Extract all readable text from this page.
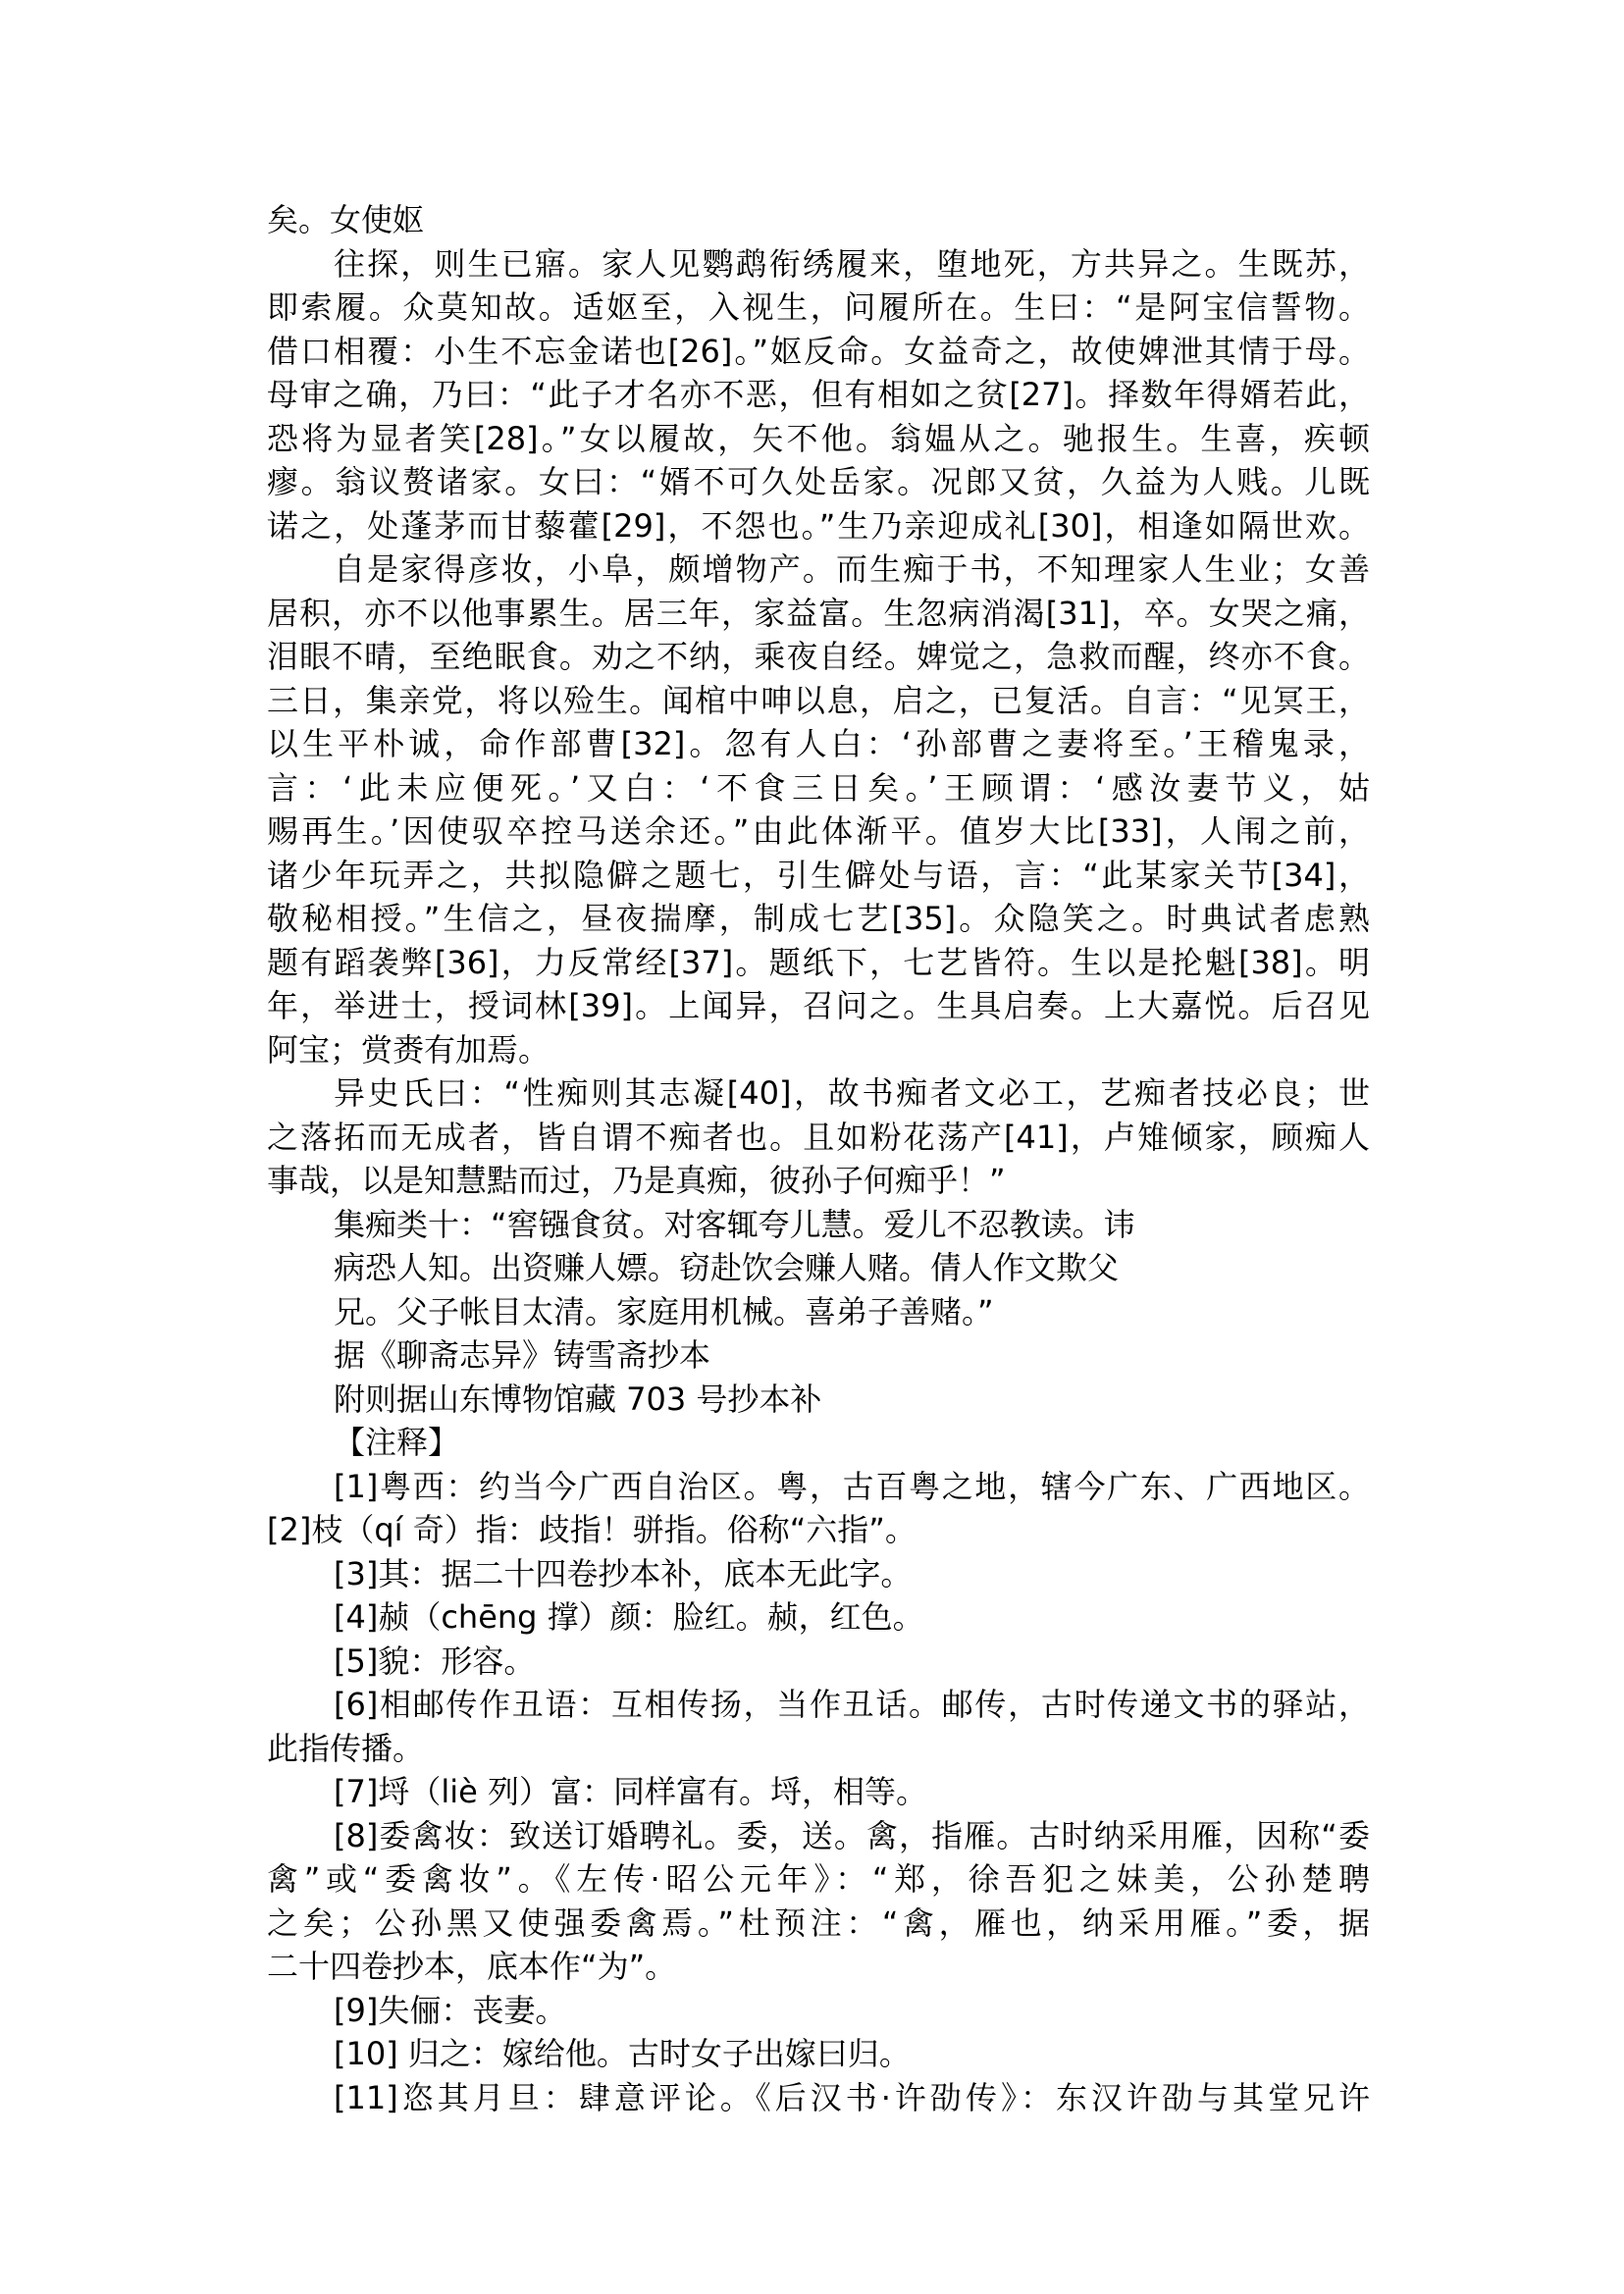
矣。女使妪
往探，则生已寤。家人见鹦鹉衔绣履来，堕地死，方共异之。生既苏，
即索履。众莫知故。适妪至，入视生，问履所在。生曰：“是阿宝信誓物。
借口相覆：小生不忘金诺也[26]。”妪反命。女益奇之，故使婢泄其情于母。
母审之确，乃曰：“此子才名亦不恶，但有相如之贫[27]。择数年得婿若此，
恐将为显者笑[28]。”女以履故，矢不他。翁媪从之。驰报生。生喜，疾顿
瘳。翁议赘诸家。女曰：“婿不可久处岳家。况郎又贫，久益为人贱。儿既
诺之，处蓬茅而甘藜藿[29]，不怨也。”生乃亲迎成礼[30]，相逢如隔世欢。
自是家得彦妆，小阜，颇增物产。而生痴于书，不知理家人生业；女善
居积，亦不以他事累生。居三年，家益富。生忽病消渴[31]，卒。女哭之痛，
泪眼不晴，至绝眠食。劝之不纳，乘夜自经。婢觉之，急救而醒，终亦不食。
三日，集亲党，将以殓生。闻棺中呻以息，启之，已复活。自言：“见冥王，
以生平朴诚，命作部曹[32]。忽有人白：‘孙部曹之妻将至。’王稽鬼录，
言：‘此未应便死。’又白：‘不食三日矣。’王顾谓：‘感汝妻节义，姑
赐再生。’因使驭卒控马送余还。”由此体渐平。值岁大比[33]，人闱之前，
诸少年玩弄之，共拟隐僻之题七，引生僻处与语，言：“此某家关节[34]，
敬秘相授。”生信之，昼夜揣摩，制成七艺[35]。众隐笑之。时典试者虑熟
题有蹈袭弊[36]，力反常经[37]。题纸下，七艺皆符。生以是抡魁[38]。明
年，举进士，授词林[39]。上闻异，召问之。生具启奏。上大嘉悦。后召见
阿宝；赏赉有加焉。
异史氏曰：“性痴则其志凝[40]，故书痴者文必工，艺痴者技必良；世
之落拓而无成者，皆自谓不痴者也。且如粉花荡产[41]，卢雉倾家，顾痴人
事哉，以是知慧黠而过，乃是真痴，彼孙子何痴乎！”
集痴类十：“窖镪食贫。对客辄夸儿慧。爱儿不忍教读。讳
病恐人知。出资赚人嫖。窃赴饮会赚人赌。倩人作文欺父
兄。父子帐目太清。家庭用机械。喜弟子善赌。”
据《聊斋志异》铸雪斋抄本
附则据山东博物馆藏 703 号抄本补
【注释】
[1]粤西：约当今广西自治区。粤，古百粤之地，辖今广东、广西地区。
[2]枝（qí 奇）指：歧指！骈指。俗称“六指”。
[3]其：据二十四卷抄本补，底本无此字。
[4]赪（chēng 撑）颜：脸红。赪，红色。
[5]貌：形容。
[6]相邮传作丑语：互相传扬，当作丑话。邮传，古时传递文书的驿站，
此指传播。
[7]埒（liè 列）富：同样富有。埒，相等。
[8]委禽妆：致送订婚聘礼。委，送。禽，指雁。古时纳采用雁，因称“委
禽”或“委禽妆”。《左传·昭公元年》：“郑，徐吾犯之妹美，公孙楚聘
之矣；公孙黑又使强委禽焉。”杜预注：“禽，雁也，纳采用雁。”委，据
二十四卷抄本，底本作“为”。
[9]失俪：丧妻。
[10] 归之：嫁给他。古时女子出嫁曰归。
[11]恣其月旦：肆意评论。《后汉书·许劭传》：东汉许劭与其堂兄许
